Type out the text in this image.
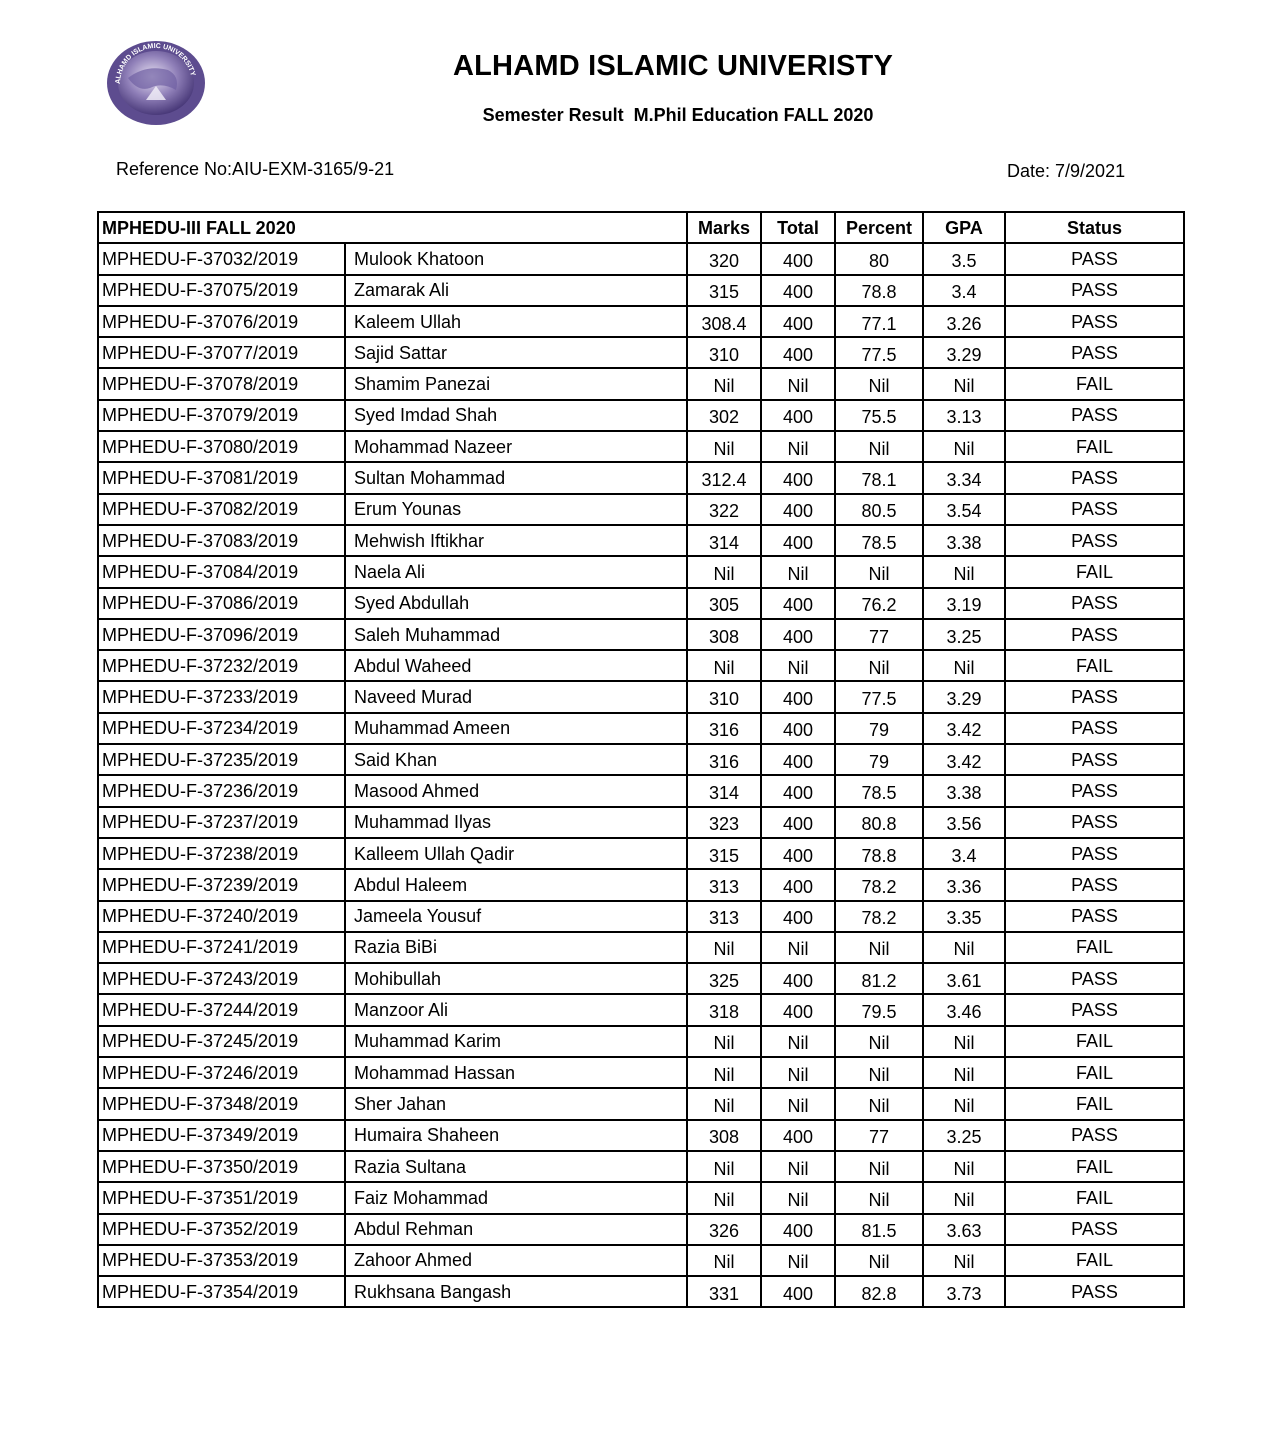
ALHAMD ISLAMIC UNIVERSITY	ALHAMD ISLAMIC UNIVERISTY
Semester Result  M.Phil Education FALL 2020
Reference No:AIU-EXM-3165/9-21	Date: 7/9/2021
MPHEDU-III FALL 2020		Marks	Total	Percent	GPA	Status
MPHEDU-F-37032/2019	Mulook Khatoon	320	400	80	3.5	PASS
MPHEDU-F-37075/2019	Zamarak Ali	315	400	78.8	3.4	PASS
MPHEDU-F-37076/2019	Kaleem Ullah	308.4	400	77.1	3.26	PASS
MPHEDU-F-37077/2019	Sajid Sattar	310	400	77.5	3.29	PASS
MPHEDU-F-37078/2019	Shamim Panezai	Nil	Nil	Nil	Nil	FAIL
MPHEDU-F-37079/2019	Syed Imdad Shah	302	400	75.5	3.13	PASS
MPHEDU-F-37080/2019	Mohammad Nazeer	Nil	Nil	Nil	Nil	FAIL
MPHEDU-F-37081/2019	Sultan Mohammad	312.4	400	78.1	3.34	PASS
MPHEDU-F-37082/2019	Erum Younas	322	400	80.5	3.54	PASS
MPHEDU-F-37083/2019	Mehwish Iftikhar	314	400	78.5	3.38	PASS
MPHEDU-F-37084/2019	Naela Ali	Nil	Nil	Nil	Nil	FAIL
MPHEDU-F-37086/2019	Syed Abdullah	305	400	76.2	3.19	PASS
MPHEDU-F-37096/2019	Saleh Muhammad	308	400	77	3.25	PASS
MPHEDU-F-37232/2019	Abdul Waheed	Nil	Nil	Nil	Nil	FAIL
MPHEDU-F-37233/2019	Naveed Murad	310	400	77.5	3.29	PASS
MPHEDU-F-37234/2019	Muhammad Ameen	316	400	79	3.42	PASS
MPHEDU-F-37235/2019	Said Khan	316	400	79	3.42	PASS
MPHEDU-F-37236/2019	Masood Ahmed	314	400	78.5	3.38	PASS
MPHEDU-F-37237/2019	Muhammad Ilyas	323	400	80.8	3.56	PASS
MPHEDU-F-37238/2019	Kalleem Ullah Qadir	315	400	78.8	3.4	PASS
MPHEDU-F-37239/2019	Abdul Haleem	313	400	78.2	3.36	PASS
MPHEDU-F-37240/2019	Jameela Yousuf	313	400	78.2	3.35	PASS
MPHEDU-F-37241/2019	Razia BiBi	Nil	Nil	Nil	Nil	FAIL
MPHEDU-F-37243/2019	Mohibullah	325	400	81.2	3.61	PASS
MPHEDU-F-37244/2019	Manzoor Ali	318	400	79.5	3.46	PASS
MPHEDU-F-37245/2019	Muhammad Karim	Nil	Nil	Nil	Nil	FAIL
MPHEDU-F-37246/2019	Mohammad Hassan	Nil	Nil	Nil	Nil	FAIL
MPHEDU-F-37348/2019	Sher Jahan	Nil	Nil	Nil	Nil	FAIL
MPHEDU-F-37349/2019	Humaira Shaheen	308	400	77	3.25	PASS
MPHEDU-F-37350/2019	Razia Sultana	Nil	Nil	Nil	Nil	FAIL
MPHEDU-F-37351/2019	Faiz Mohammad	Nil	Nil	Nil	Nil	FAIL
MPHEDU-F-37352/2019	Abdul Rehman	326	400	81.5	3.63	PASS
MPHEDU-F-37353/2019	Zahoor Ahmed	Nil	Nil	Nil	Nil	FAIL
MPHEDU-F-37354/2019	Rukhsana Bangash	331	400	82.8	3.73	PASS
